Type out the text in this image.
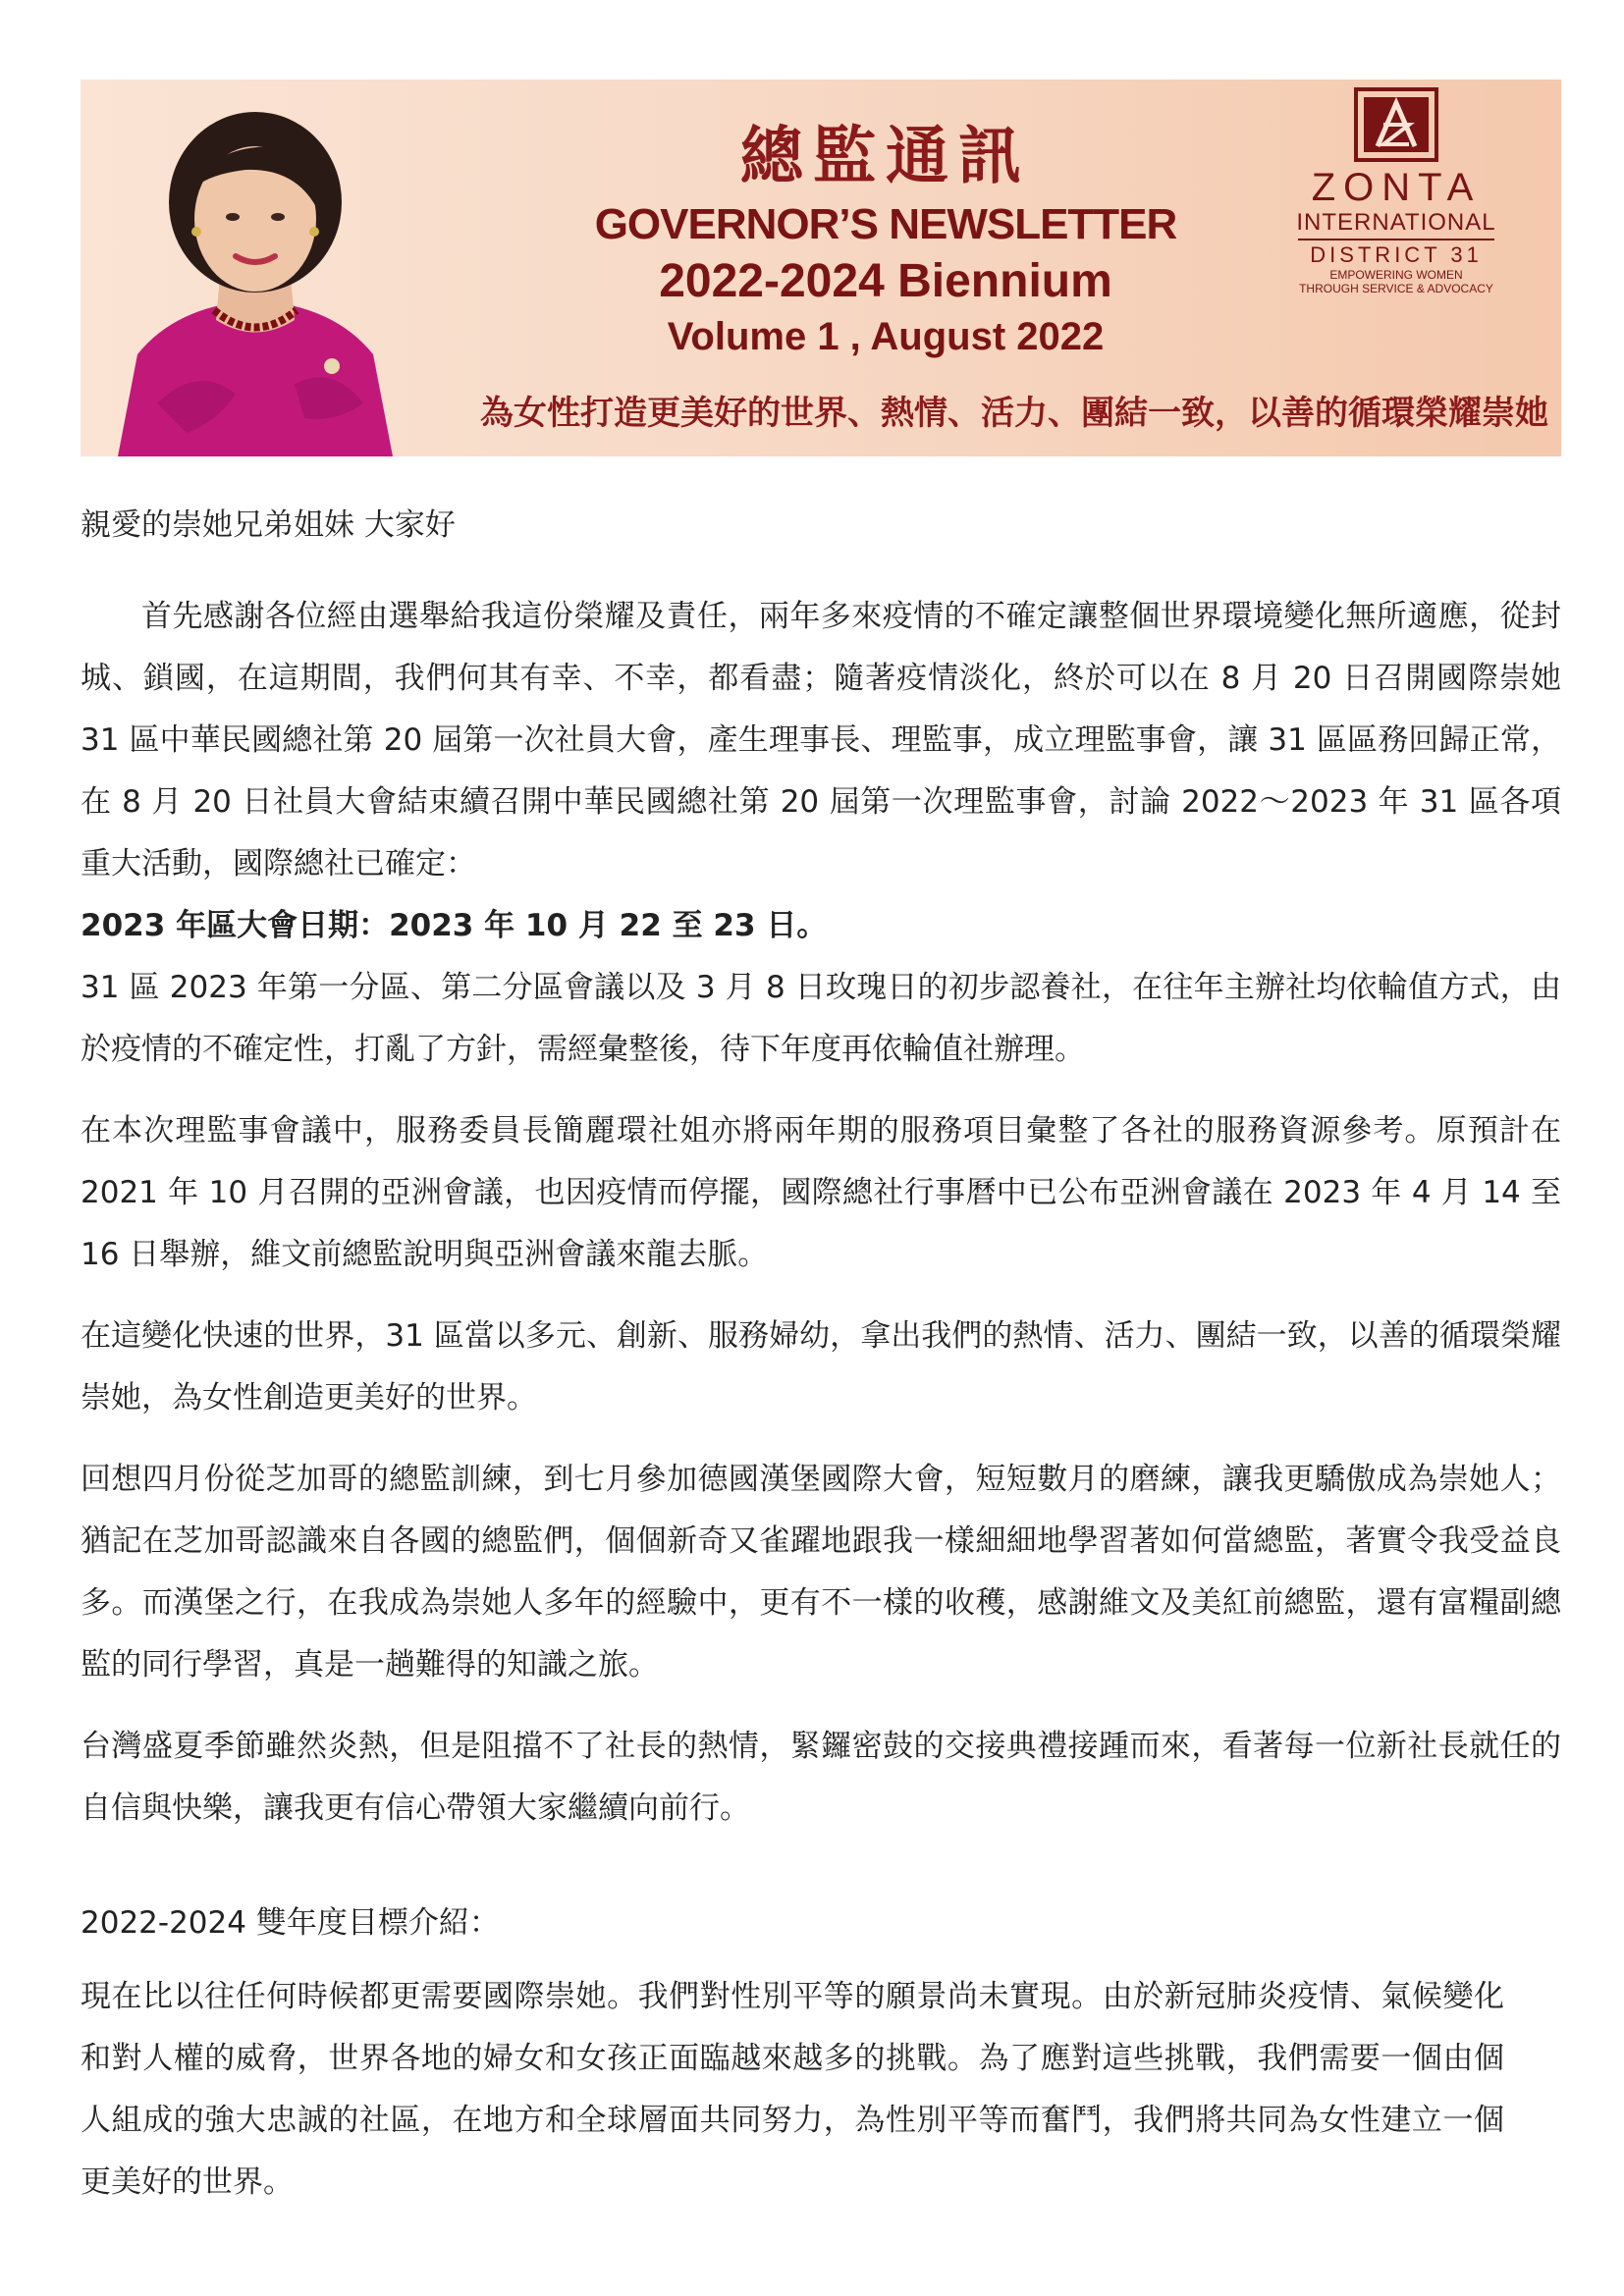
總監通訊
GOVERNOR’S NEWSLETTER
2022-2024 Biennium
Volume 1 , August 2022
ZONTA
INTERNATIONAL
DISTRICT 31
EMPOWERING WOMEN
THROUGH SERVICE & ADVOCACY
為女性打造更美好的世界、熱情、活力、團結一致，以善的循環榮耀崇她

親愛的崇她兄弟姐妹 大家好

首先感謝各位經由選舉給我這份榮耀及責任，兩年多來疫情的不確定讓整個世界環境變化無所適應，從封城、鎖國，在這期間，我們何其有幸、不幸，都看盡；隨著疫情淡化，終於可以在 8 月 20 日召開國際崇她 31 區中華民國總社第 20 屆第一次社員大會，產生理事長、理監事，成立理監事會，讓 31 區區務回歸正常，在 8 月 20 日社員大會結束續召開中華民國總社第 20 屆第一次理監事會，討論 2022～2023 年 31 區各項重大活動，國際總社已確定：

2023 年區大會日期：2023 年 10 月 22 至 23 日。

31 區 2023 年第一分區、第二分區會議以及 3 月 8 日玫瑰日的初步認養社，在往年主辦社均依輪值方式，由於疫情的不確定性，打亂了方針，需經彙整後，待下年度再依輪值社辦理。

在本次理監事會議中，服務委員長簡麗環社姐亦將兩年期的服務項目彙整了各社的服務資源參考。原預計在 2021 年 10 月召開的亞洲會議，也因疫情而停擺，國際總社行事曆中已公布亞洲會議在 2023 年 4 月 14 至 16 日舉辦，維文前總監說明與亞洲會議來龍去脈。

在這變化快速的世界，31 區當以多元、創新、服務婦幼，拿出我們的熱情、活力、團結一致，以善的循環榮耀崇她，為女性創造更美好的世界。

回想四月份從芝加哥的總監訓練，到七月參加德國漢堡國際大會，短短數月的磨練，讓我更驕傲成為崇她人；猶記在芝加哥認識來自各國的總監們，個個新奇又雀躍地跟我一樣細細地學習著如何當總監，著實令我受益良多。而漢堡之行，在我成為崇她人多年的經驗中，更有不一樣的收穫，感謝維文及美紅前總監，還有富糧副總監的同行學習，真是一趟難得的知識之旅。

台灣盛夏季節雖然炎熱，但是阻擋不了社長的熱情，緊鑼密鼓的交接典禮接踵而來，看著每一位新社長就任的自信與快樂，讓我更有信心帶領大家繼續向前行。

2022-2024 雙年度目標介紹：

現在比以往任何時候都更需要國際崇她。我們對性別平等的願景尚未實現。由於新冠肺炎疫情、氣候變化和對人權的威脅，世界各地的婦女和女孩正面臨越來越多的挑戰。為了應對這些挑戰，我們需要一個由個人組成的強大忠誠的社區，在地方和全球層面共同努力，為性別平等而奮鬥，我們將共同為女性建立一個更美好的世界。
